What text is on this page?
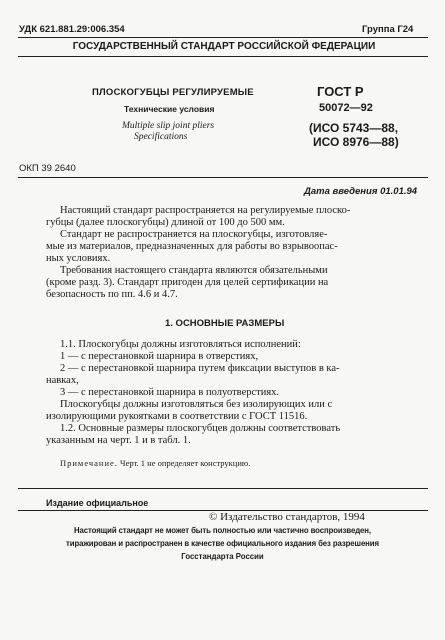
УДК 621.881.29:006.354	Группа Г24
ГОСУДАРСТВЕННЫЙ СТАНДАРТ РОССИЙСКОЙ ФЕДЕРАЦИИ
ПЛОСКОГУБЦЫ РЕГУЛИРУЕМЫЕ
Технические условия
Multiple slip joint pliers
Specifications
ГОСТ Р
50072—92
(ИСО 5743—88,
ИСО 8976—88)
ОКП 39 2640
Дата введения 01.01.94
Настоящий стандарт распространяется на регулируемые плоско-
губцы (далее плоскогубцы) длиной от 100 до 500 мм.
Стандарт не распространяется на плоскогубцы, изготовляе-
мые из материалов, предназначенных для работы во взрывоопас-
ных условиях.
Требования настоящего стандарта являются обязательными
(кроме разд. 3). Стандарт пригоден для целей сертификации на
безопасность по пп. 4.6 и 4.7.
1. ОСНОВНЫЕ РАЗМЕРЫ
1.1. Плоскогубцы должны изготовляться исполнений:
1 — с перестановкой шарнира в отверстиях,
2 — с перестановкой шарнира путем фиксации выступов в ка-
навках,
3 — с перестановкой шарнира в полуотверстиях.
Плоскогубцы должны изготовляться без изолирующих или с
изолирующими рукоятками в соответствии с ГОСТ 11516.
1.2. Основные размеры плоскогубцев должны соответствовать
указанным на черт. 1 и в табл. 1.
Примечание. Черт. 1 не определяет конструкцию.
Издание официальное
© Издательство стандартов, 1994
Настоящий стандарт не может быть полностью или частично воспроизведен,
тиражирован и распространен в качестве официального издания без разрешения
Госстандарта России
